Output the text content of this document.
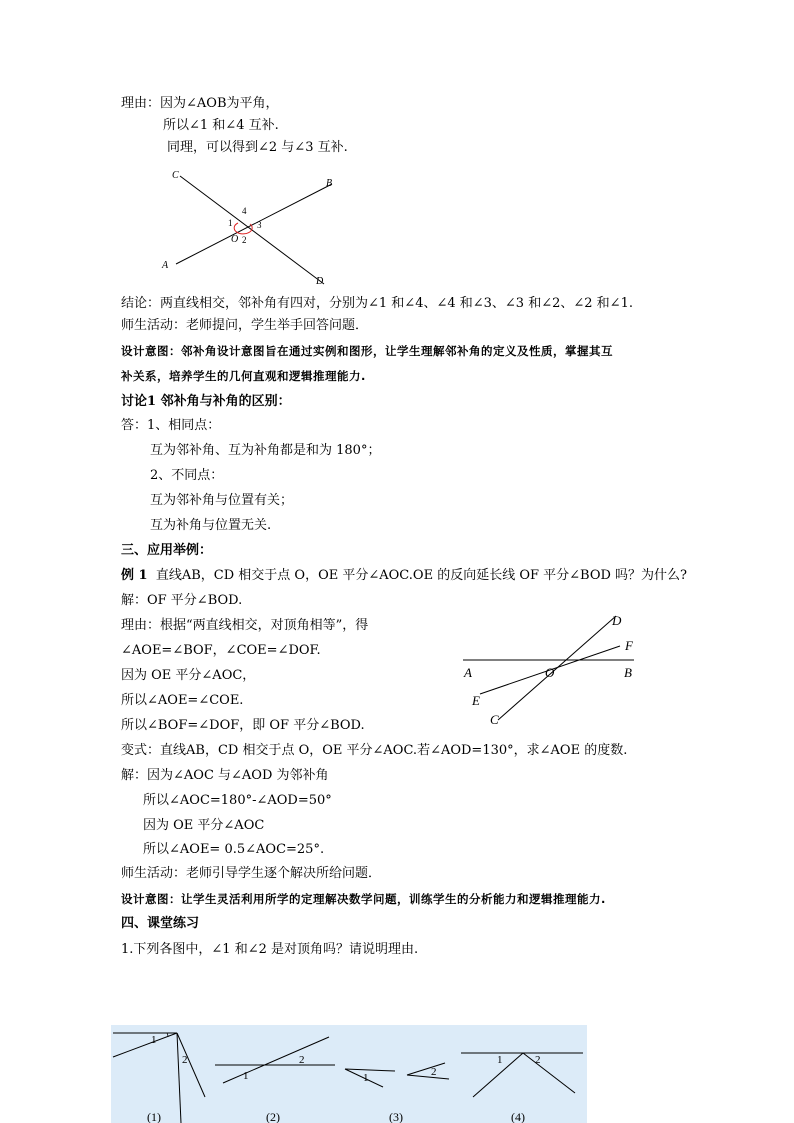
理由：因为∠AOB为平角，
所以∠1 和∠4 互补.
同理，可以得到∠2 与∠3 互补.
C
B
A
D
O
1
2
3
4
结论：两直线相交，邻补角有四对，分别为∠1 和∠4、∠4 和∠3、∠3 和∠2、∠2 和∠1.
师生活动：老师提问，学生举手回答问题．
设计意图：邻补角设计意图旨在通过实例和图形，让学生理解邻补角的定义及性质，掌握其互
补关系，培养学生的几何直观和逻辑推理能力.
讨论1 邻补角与补角的区别：
答：1、相同点：
互为邻补角、互为补角都是和为 180°；
2、不同点：
互为邻补角与位置有关；
互为补角与位置无关.
三、应用举例：
例 1 直线AB，CD 相交于点 O，OE 平分∠AOC.OE 的反向延长线 OF 平分∠BOD 吗？为什么?
解：OF 平分∠BOD.
理由：根据“两直线相交，对顶角相等”，得
∠AOE=∠BOF，∠COE=∠DOF.
因为 OE 平分∠AOC，
所以∠AOE=∠COE.
所以∠BOF=∠DOF，即 OF 平分∠BOD.
D
F
A	O	B
E
C
变式：直线AB，CD 相交于点 O，OE 平分∠AOC.若∠AOD=130°，求∠AOE 的度数.
解：因为∠AOC 与∠AOD 为邻补角
所以∠AOC=180°-∠AOD=50°
因为 OE 平分∠AOC
所以∠AOE= 0.5∠AOC=25°.
师生活动：老师引导学生逐个解决所给问题．
设计意图：让学生灵活利用所学的定理解决数学问题，训练学生的分析能力和逻辑推理能力.
四、课堂练习
1.下列各图中，∠1 和∠2 是对顶角吗？请说明理由.
1
2
1
2
1	2
1	2
(1)	(2)	(3)	(4)
